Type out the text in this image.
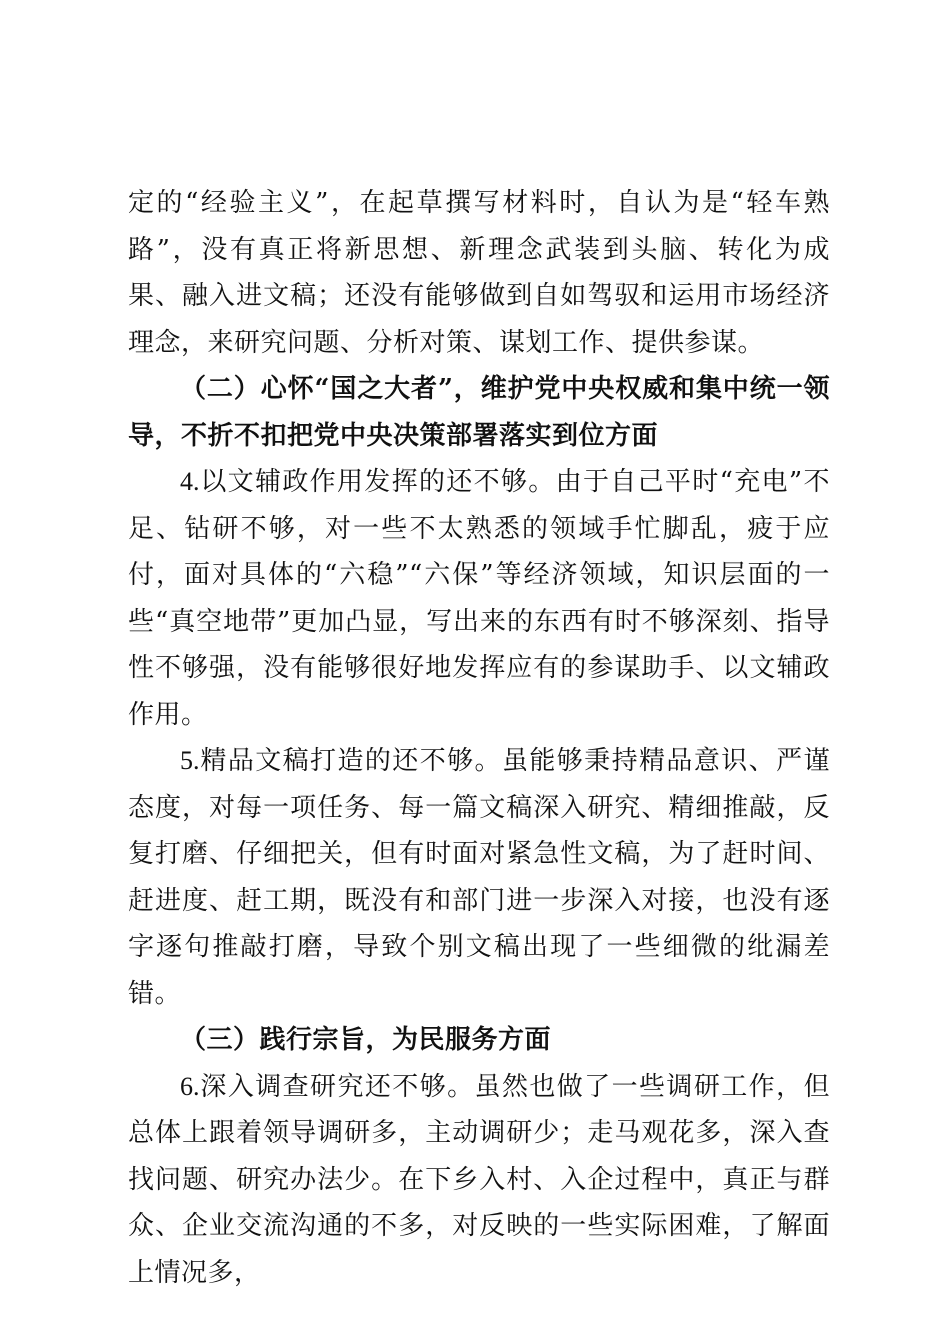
定的“经验主义”，在起草撰写材料时，自认为是“轻车熟路”，没有真正将新思想、新理念武装到头脑、转化为成果、融入进文稿；还没有能够做到自如驾驭和运用市场经济理念，来研究问题、分析对策、谋划工作、提供参谋。

（二）心怀“国之大者”，维护党中央权威和集中统一领导，不折不扣把党中央决策部署落实到位方面

4.以文辅政作用发挥的还不够。由于自己平时“充电”不足、钻研不够，对一些不太熟悉的领域手忙脚乱，疲于应付，面对具体的“六稳”“六保”等经济领域，知识层面的一些“真空地带”更加凸显，写出来的东西有时不够深刻、指导性不够强，没有能够很好地发挥应有的参谋助手、以文辅政作用。

5.精品文稿打造的还不够。虽能够秉持精品意识、严谨态度，对每一项任务、每一篇文稿深入研究、精细推敲，反复打磨、仔细把关，但有时面对紧急性文稿，为了赶时间、赶进度、赶工期，既没有和部门进一步深入对接，也没有逐字逐句推敲打磨，导致个别文稿出现了一些细微的纰漏差错。

（三）践行宗旨，为民服务方面

6.深入调查研究还不够。虽然也做了一些调研工作，但总体上跟着领导调研多，主动调研少；走马观花多，深入查找问题、研究办法少。在下乡入村、入企过程中，真正与群众、企业交流沟通的不多，对反映的一些实际困难，了解面上情况多，
